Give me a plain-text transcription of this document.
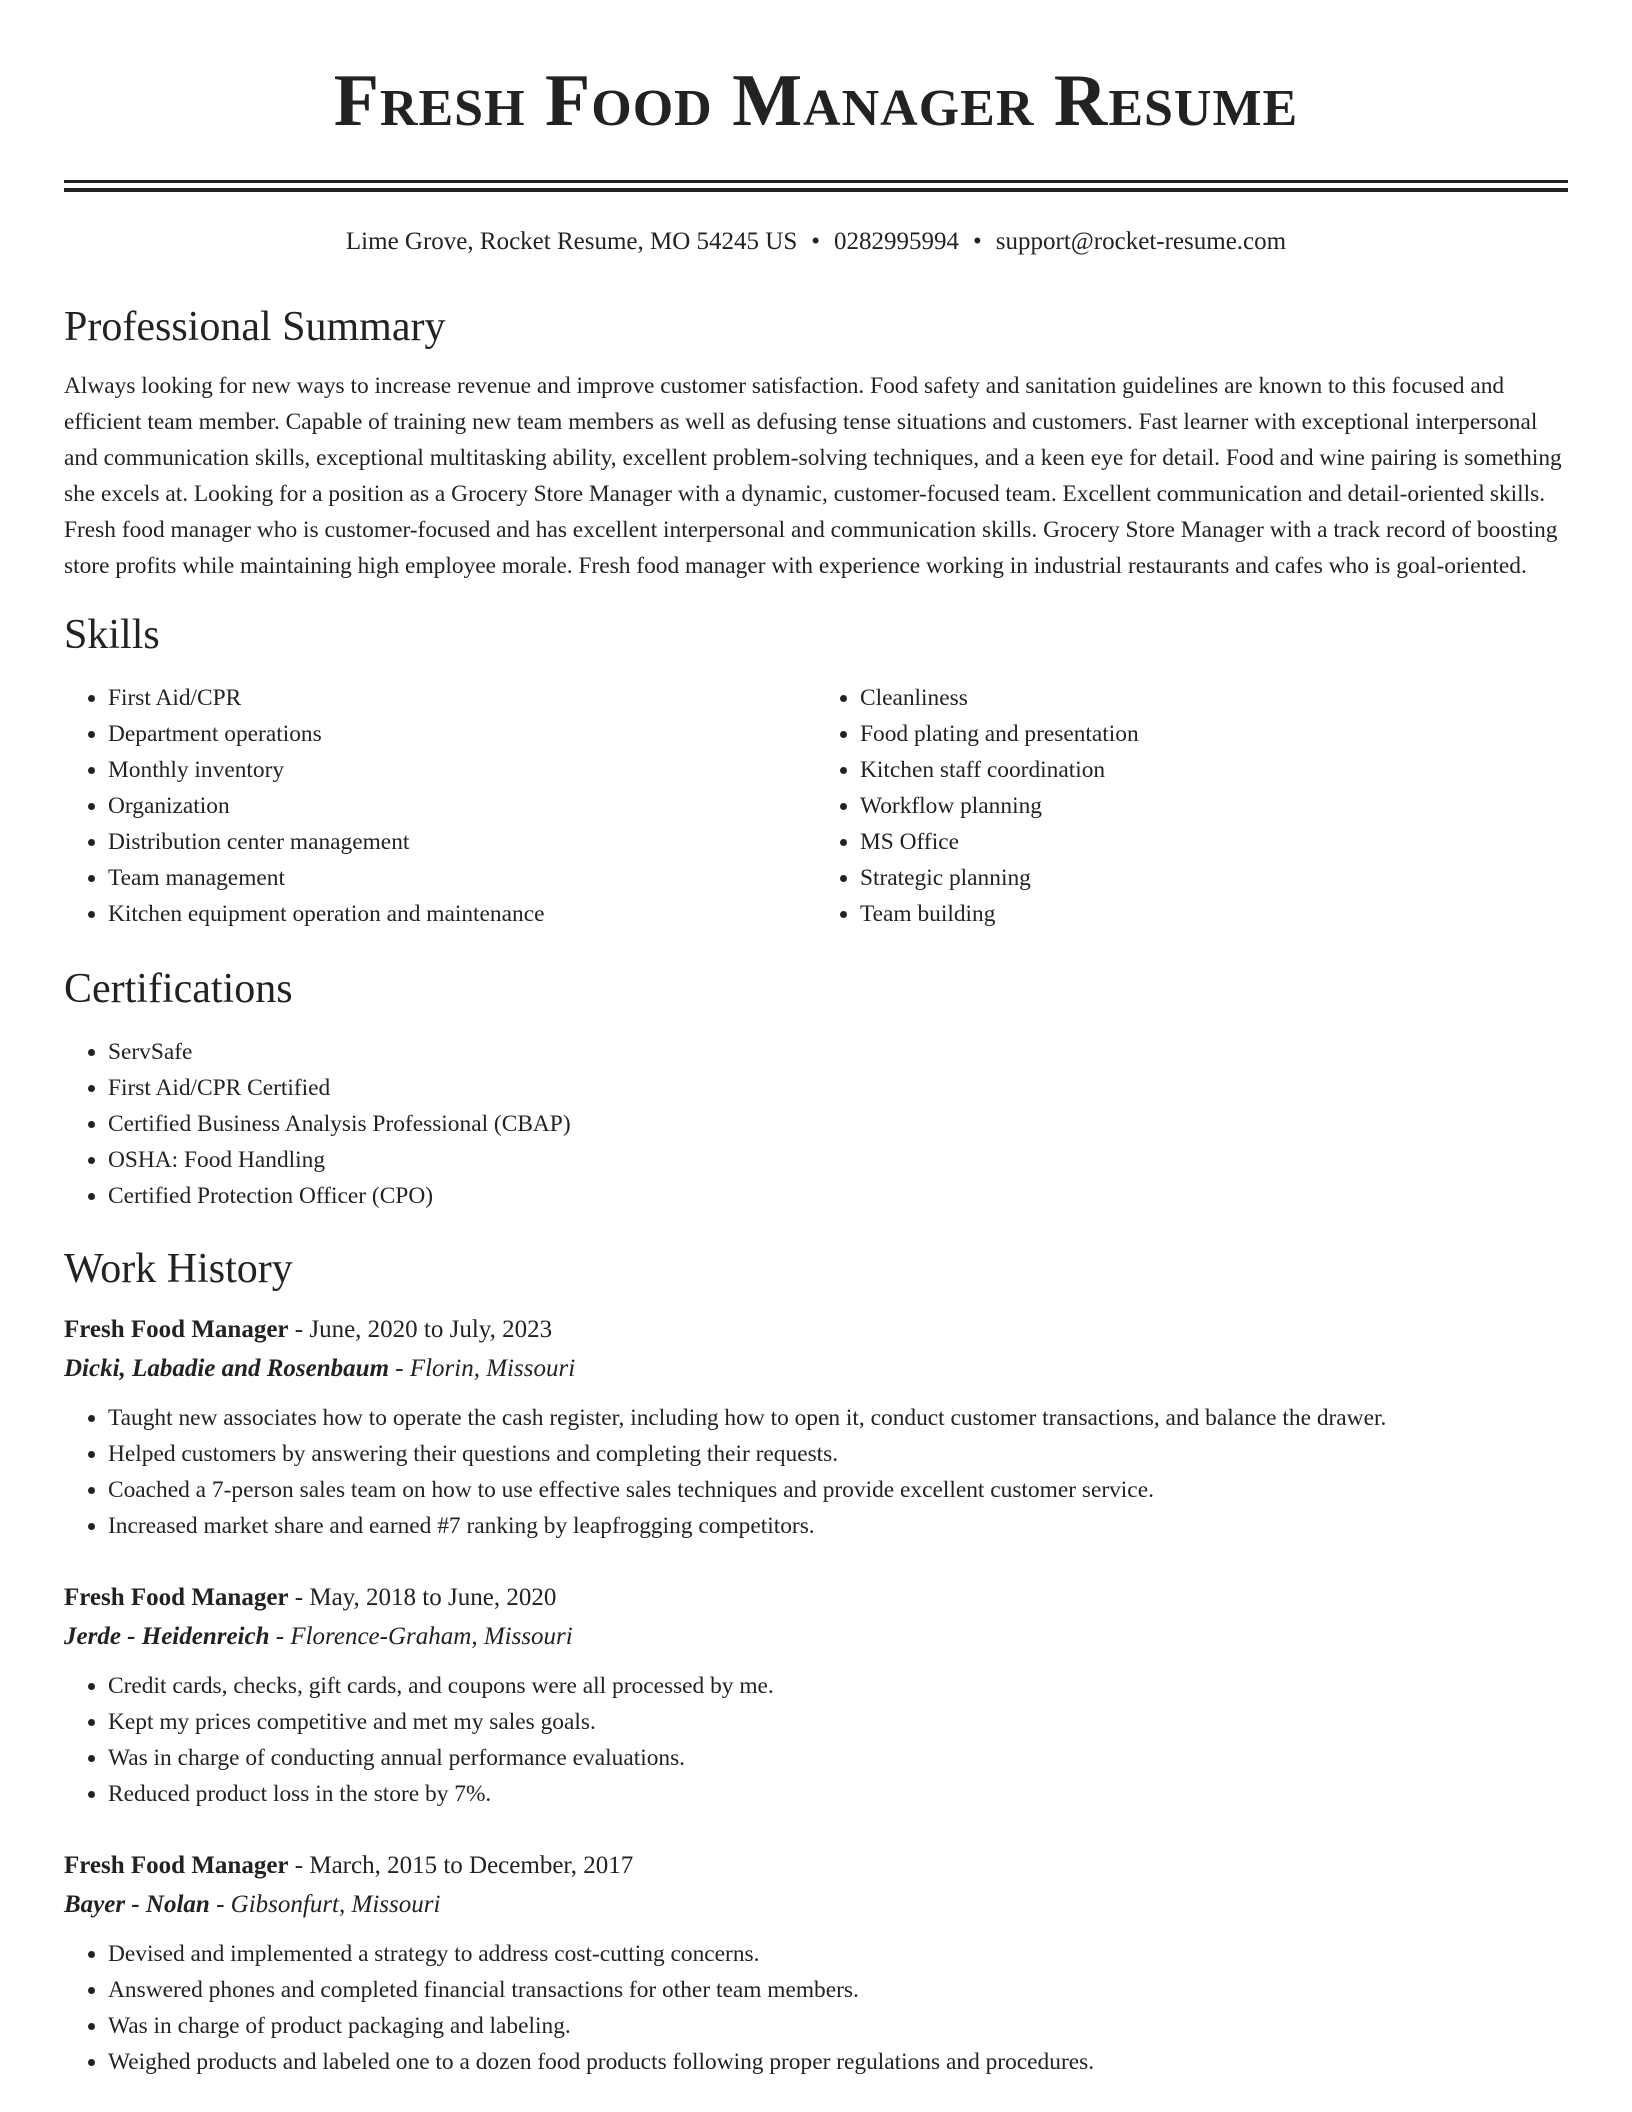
Fresh Food Manager Resume
Lime Grove, Rocket Resume, MO 54245 US • 0282995994 • support@rocket-resume.com
Professional Summary

Always looking for new ways to increase revenue and improve customer satisfaction. Food safety and sanitation guidelines are known to this focused and efficient team member. Capable of training new team members as well as defusing tense situations and customers. Fast learner with exceptional interpersonal and communication skills, exceptional multitasking ability, excellent problem-solving techniques, and a keen eye for detail. Food and wine pairing is something she excels at. Looking for a position as a Grocery Store Manager with a dynamic, customer-focused team. Excellent communication and detail-oriented skills. Fresh food manager who is customer-focused and has excellent interpersonal and communication skills. Grocery Store Manager with a track record of boosting store profits while maintaining high employee morale. Fresh food manager with experience working in industrial restaurants and cafes who is goal-oriented.

Skills
• First Aid/CPR
• Department operations
• Monthly inventory
• Organization
• Distribution center management
• Team management
• Kitchen equipment operation and maintenance
• Cleanliness
• Food plating and presentation
• Kitchen staff coordination
• Workflow planning
• MS Office
• Strategic planning
• Team building
Certifications
• ServSafe
• First Aid/CPR Certified
• Certified Business Analysis Professional (CBAP)
• OSHA: Food Handling
• Certified Protection Officer (CPO)
Work History
Fresh Food Manager - June, 2020 to July, 2023
Dicki, Labadie and Rosenbaum - Florin, Missouri
• Taught new associates how to operate the cash register, including how to open it, conduct customer transactions, and balance the drawer.
• Helped customers by answering their questions and completing their requests.
• Coached a 7-person sales team on how to use effective sales techniques and provide excellent customer service.
• Increased market share and earned #7 ranking by leapfrogging competitors.
Fresh Food Manager - May, 2018 to June, 2020
Jerde - Heidenreich - Florence-Graham, Missouri
• Credit cards, checks, gift cards, and coupons were all processed by me.
• Kept my prices competitive and met my sales goals.
• Was in charge of conducting annual performance evaluations.
• Reduced product loss in the store by 7%.
Fresh Food Manager - March, 2015 to December, 2017
Bayer - Nolan - Gibsonfurt, Missouri
• Devised and implemented a strategy to address cost-cutting concerns.
• Answered phones and completed financial transactions for other team members.
• Was in charge of product packaging and labeling.
• Weighed products and labeled one to a dozen food products following proper regulations and procedures.
